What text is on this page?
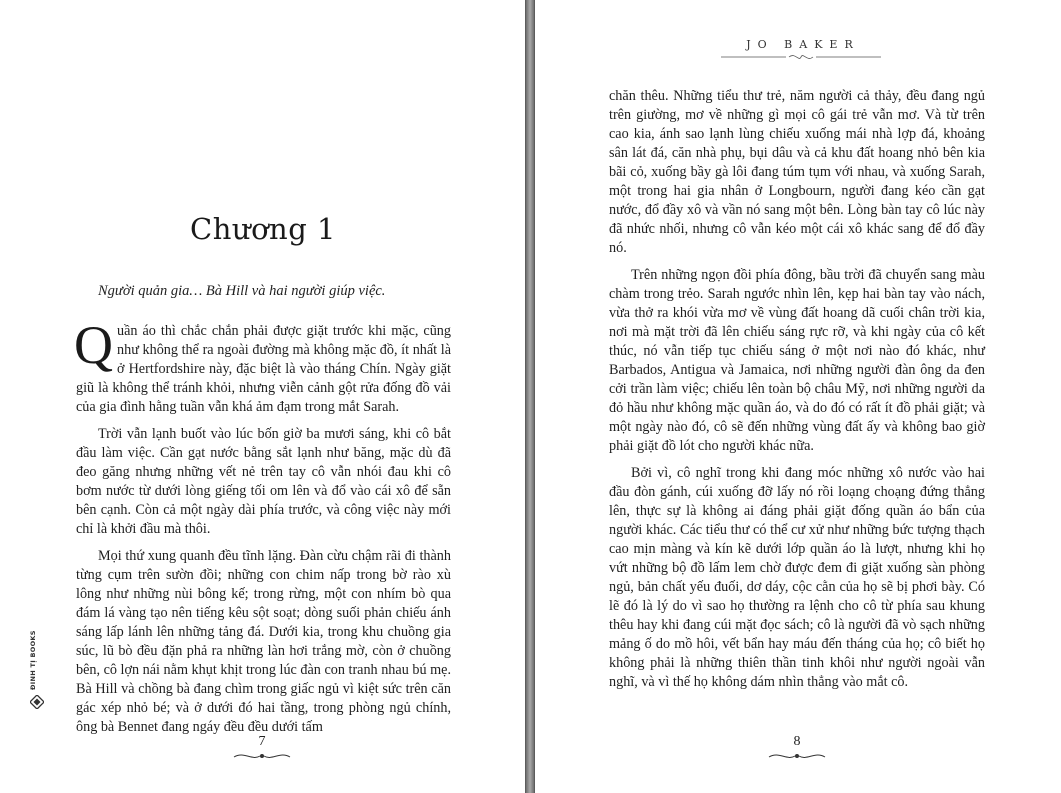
Chương 1
Người quản gia… Bà Hill và hai người giúp việc.

Quần áo thì chắc chắn phải được giặt trước khi mặc, cũng như không thể ra ngoài đường mà không mặc đồ, ít nhất là ở Hertfordshire này, đặc biệt là vào tháng Chín. Ngày giặt giũ là không thể tránh khỏi, nhưng viễn cảnh gột rửa đống đồ vải của gia đình hằng tuần vẫn khá ảm đạm trong mắt Sarah.

Trời vẫn lạnh buốt vào lúc bốn giờ ba mươi sáng, khi cô bắt đầu làm việc. Cần gạt nước bằng sắt lạnh như băng, mặc dù đã đeo găng nhưng những vết nẻ trên tay cô vẫn nhói đau khi cô bơm nước từ dưới lòng giếng tối om lên và đổ vào cái xô để sẵn bên cạnh. Còn cả một ngày dài phía trước, và công việc này mới chỉ là khởi đầu mà thôi.

Mọi thứ xung quanh đều tĩnh lặng. Đàn cừu chậm rãi đi thành từng cụm trên sườn đồi; những con chim nấp trong bờ rào xù lông như những nùi bông kế; trong rừng, một con nhím bò qua đám lá vàng tạo nên tiếng kêu sột soạt; dòng suối phản chiếu ánh sáng lấp lánh lên những tảng đá. Dưới kia, trong khu chuồng gia súc, lũ bò đều đặn phả ra những làn hơi trắng mờ, còn ở chuồng bên, cô lợn nái nằm khụt khịt trong lúc đàn con tranh nhau bú mẹ. Bà Hill và chồng bà đang chìm trong giấc ngủ vì kiệt sức trên căn gác xép nhỏ bé; và ở dưới đó hai tầng, trong phòng ngủ chính, ông bà Bennet đang ngáy đều đều dưới tấm

ĐINH TỊ BOOKS
7
JO BAKER

chăn thêu. Những tiểu thư trẻ, năm người cả thảy, đều đang ngủ trên giường, mơ về những gì mọi cô gái trẻ vẫn mơ. Và từ trên cao kia, ánh sao lạnh lùng chiếu xuống mái nhà lợp đá, khoảng sân lát đá, căn nhà phụ, bụi dâu và cả khu đất hoang nhỏ bên kia bãi cỏ, xuống bầy gà lôi đang túm tụm với nhau, và xuống Sarah, một trong hai gia nhân ở Longbourn, người đang kéo cần gạt nước, đổ đầy xô và vần nó sang một bên. Lòng bàn tay cô lúc này đã nhức nhối, nhưng cô vẫn kéo một cái xô khác sang để đổ đầy nó.

Trên những ngọn đồi phía đông, bầu trời đã chuyển sang màu chàm trong trẻo. Sarah ngước nhìn lên, kẹp hai bàn tay vào nách, vừa thở ra khói vừa mơ về vùng đất hoang dã cuối chân trời kia, nơi mà mặt trời đã lên chiếu sáng rực rỡ, và khi ngày của cô kết thúc, nó vẫn tiếp tục chiếu sáng ở một nơi nào đó khác, như Barbados, Antigua và Jamaica, nơi những người đàn ông da đen cởi trần làm việc; chiếu lên toàn bộ châu Mỹ, nơi những người da đỏ hầu như không mặc quần áo, và do đó có rất ít đồ phải giặt; và một ngày nào đó, cô sẽ đến những vùng đất ấy và không bao giờ phải giặt đồ lót cho người khác nữa.

Bởi vì, cô nghĩ trong khi đang móc những xô nước vào hai đầu đòn gánh, cúi xuống đỡ lấy nó rồi loạng choạng đứng thẳng lên, thực sự là không ai đáng phải giặt đống quần áo bẩn của người khác. Các tiểu thư có thể cư xử như những bức tượng thạch cao mịn màng và kín kẽ dưới lớp quần áo là lượt, nhưng khi họ vứt những bộ đồ lấm lem chờ được đem đi giặt xuống sàn phòng ngủ, bản chất yếu đuối, dơ dáy, cộc cằn của họ sẽ bị phơi bày. Có lẽ đó là lý do vì sao họ thường ra lệnh cho cô từ phía sau khung thêu hay khi đang cúi mặt đọc sách; cô là người đã vò sạch những mảng ố do mồ hôi, vết bẩn hay máu đến tháng của họ; cô biết họ không phải là những thiên thần tinh khôi như người ngoài vẫn nghĩ, và vì thế họ không dám nhìn thẳng vào mắt cô.

8
